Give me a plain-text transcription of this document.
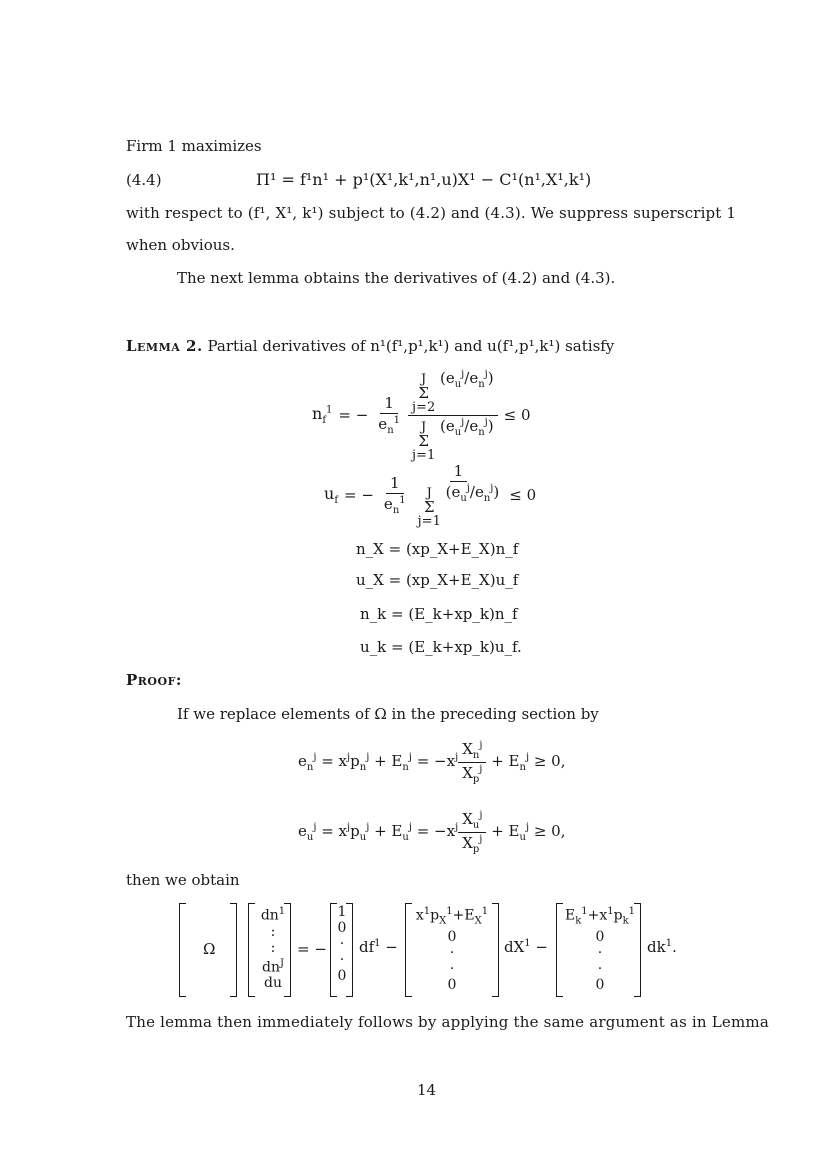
Firm 1 maximizes
(4.4)	Π¹ = f¹n¹ + p¹(X¹,k¹,n¹,u)X¹ − C¹(n¹,X¹,k¹)
with respect to (f¹, X¹, k¹) subject to (4.2) and (4.3). We suppress superscript 1
when obvious.
The next lemma obtains the derivatives of (4.2) and (4.3).
Lemma 2. Partial derivatives of n¹(f¹,p¹,k¹) and u(f¹,p¹,k¹) satisfy
$n_f^1$ = − $\frac{1}{e_n^1}$ J
Σ
j=2
$(e_u^j/e_n^j)$
J
Σ
j=1
$(e_u^j/e_n^j) \le 0$
$u_f$ = − $\frac{1}{e_n^1} 1$
J
Σ
j=1
$(e_u^j/e_n^j) \le 0$
n_X = (xp_X+E_X)n_f
u_X = (xp_X+E_X)u_f
n_k = (E_k+xp_k)n_f
u_k = (E_k+xp_k)u_f.
Proof:
If we replace elements of Ω in the preceding section by
$e_n^j = x^jp_n^j + E_n^j = -x^j \frac{X_n^j}{X_p^j} + E_n^j \ge 0$,
$e_u^j = x^jp_u^j + E_u^j = -x^j \frac{X_u^j}{X_p^j} + E_u^j \ge 0$,
then we obtain
Ω
$dn^1$
:
:
$dn^J$
du
= −
1
0
·
·
0
$df^1$ −
$x^1p_X^1+E_X^1$
0
·
·
0
$dX^1$ −
$E_k^1+x^1p_k^1$
0
·
·
0
$dk^1$.
The lemma then immediately follows by applying the same argument as in Lemma
14
